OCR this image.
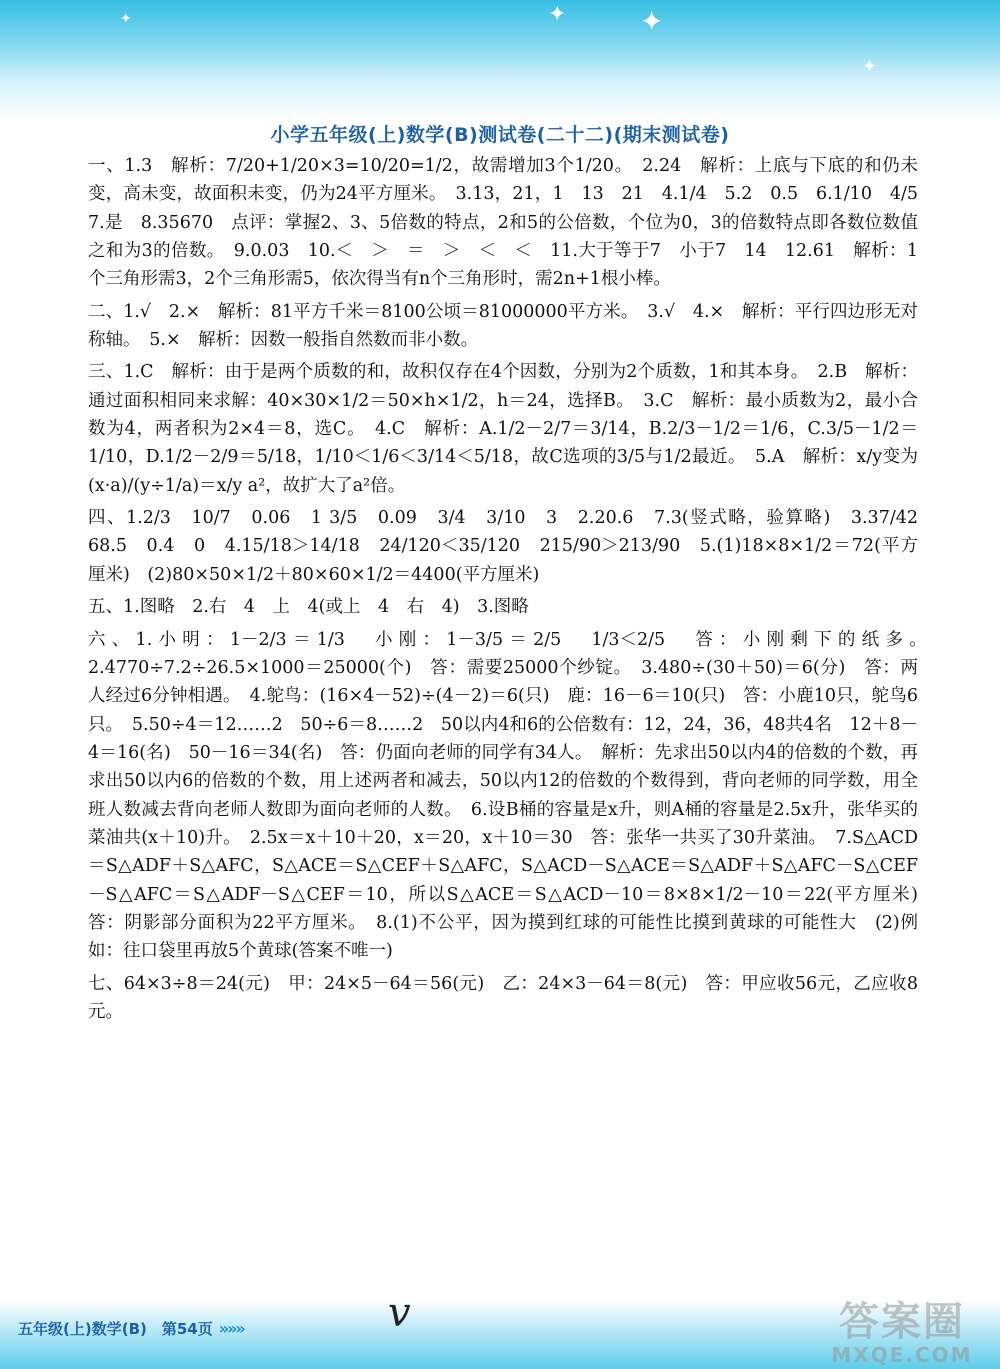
✦	✦
✦
✦
小学五年级(上)数学(B)测试卷(二十二)(期末测试卷)

一、1.3　解析：7/20+1/20×3=10/20=1/2，故需增加3个1/20。　2.24　解析：上底与下底的和仍未变，高未变，故面积未变，仍为24平方厘米。　3.13，21，1　13　21　4.1/4　5.2　0.5　6.1/10　4/5　7.是　8.35670　点评：掌握2、3、5倍数的特点，2和5的公倍数，个位为0，3的倍数特点即各数位数值之和为3的倍数。　9.0.03　10.＜　＞　＝　＞　＜　＜　11.大于等于7　小于7　14　12.61　解析：1个三角形需3，2个三角形需5，依次得当有n个三角形时，需2n+1根小棒。

二、1.√　2.×　解析：81平方千米＝8100公顷＝81000000平方米。　3.√　4.×　解析：平行四边形无对称轴。　5.×　解析：因数一般指自然数而非小数。

三、1.C　解析：由于是两个质数的和，故积仅存在4个因数，分别为2个质数，1和其本身。　2.B　解析：通过面积相同来求解：40×30×1/2＝50×h×1/2，h＝24，选择B。　3.C　解析：最小质数为2，最小合数为4，两者积为2×4＝8，选C。　4.C　解析：A.1/2－2/7＝3/14，B.2/3－1/2＝1/6，C.3/5－1/2＝1/10，D.1/2－2/9＝5/18，1/10＜1/6＜3/14＜5/18，故C选项的3/5与1/2最近。　5.A　解析：x/y变为(x·a)/(y÷1/a)＝x/y a²，故扩大了a²倍。

四、1.2/3　10/7　0.06　1 3/5　0.09　3/4　3/10　3　2.20.6　7.3(竖式略，验算略)　3.37/42　68.5　0.4　0　4.15/18＞14/18　24/120＜35/120　215/90＞213/90　5.(1)18×8×1/2＝72(平方厘米)　(2)80×50×1/2＋80×60×1/2＝4400(平方厘米)

五、1.图略　2.右　4　上　4(或上　4　右　4)　3.图略

六、1.小明：1－2/3＝1/3　小刚：1－3/5＝2/5　1/3＜2/5　答：小刚剩下的纸多。　2.4770÷7.2÷26.5×1000＝25000(个)　答：需要25000个纱锭。　3.480÷(30＋50)＝6(分)　答：两人经过6分钟相遇。　4.鸵鸟：(16×4－52)÷(4－2)＝6(只)　鹿：16－6＝10(只)　答：小鹿10只，鸵鸟6只。　5.50÷4＝12……2　50÷6＝8……2　50以内4和6的公倍数有：12，24，36，48共4名　12＋8－4＝16(名)　50－16＝34(名)　答：仍面向老师的同学有34人。　解析：先求出50以内4的倍数的个数，再求出50以内6的倍数的个数，用上述两者和减去，50以内12的倍数的个数得到，背向老师的同学数，用全班人数减去背向老师人数即为面向老师的人数。　6.设B桶的容量是x升，则A桶的容量是2.5x升，张华买的菜油共(x＋10)升。　2.5x＝x＋10＋20，x＝20，x＋10＝30　答：张华一共买了30升菜油。　7.S△ACD＝S△ADF＋S△AFC，S△ACE＝S△CEF＋S△AFC，S△ACD－S△ACE＝S△ADF＋S△AFC－S△CEF－S△AFC＝S△ADF－S△CEF＝10，所以S△ACE＝S△ACD－10＝8×8×1/2－10＝22(平方厘米)　答：阴影部分面积为22平方厘米。　8.(1)不公平，因为摸到红球的可能性比摸到黄球的可能性大　(2)例如：往口袋里再放5个黄球(答案不唯一)

七、64×3÷8＝24(元)　甲：24×5－64＝56(元)　乙：24×3－64＝8(元)　答：甲应收56元，乙应收8元。

五年级(上)数学(B)　第54页 »»»	v	答案圈
MXQE.COM
